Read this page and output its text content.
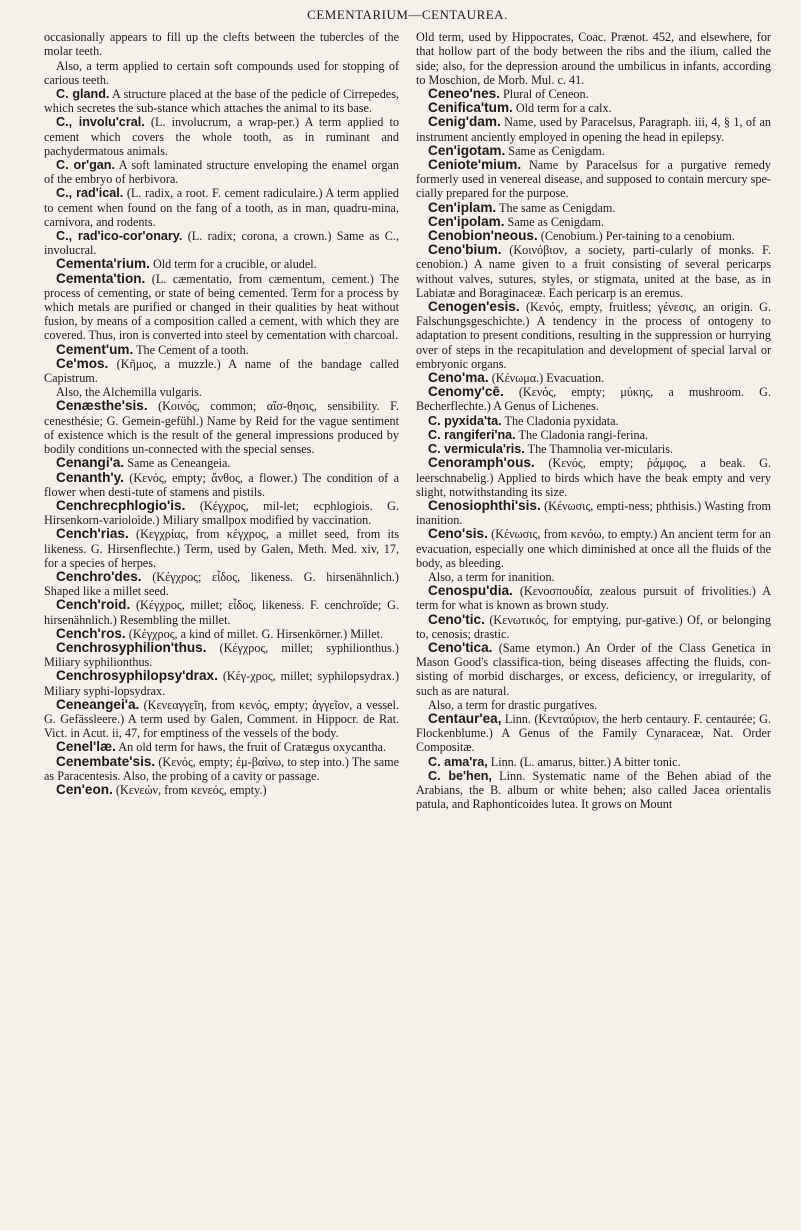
CEMENTARIUM—CENTAUREA.
occasionally appears to fill up the clefts between the tubercles of the molar teeth.
Also, a term applied to certain soft compounds used for stopping of carious teeth.
C. gland. A structure placed at the base of the pedicle of Cirrepedes, which secretes the sub-stance which attaches the animal to its base.
C., involu'cral. (L. involucrum, a wrap-per.) A term applied to cement which covers the whole tooth, as in ruminant and pachydermatous animals.
C. or'gan. A soft laminated structure enveloping the enamel organ of the embryo of herbivora.
C., rad'ical. (L. radix, a root. F. cement radiculaire.) A term applied to cement when found on the fang of a tooth, as in man, quadru-mina, carnivora, and rodents.
C., rad'ico-cor'onary. (L. radix; corona, a crown.) Same as C., involucral.
Cementa'rium. Old term for a crucible, or aludel.
Cementa'tion. (L. cæmentatio, from cæmentum, cement.) The process of cementing, or state of being cemented. Term for a process by which metals are purified or changed in their qualities by heat without fusion, by means of a composition called a cement, with which they are covered. Thus, iron is converted into steel by cementation with charcoal.
Cement'um. The Cement of a tooth.
Ce'mos. (Κῆμος, a muzzle.) A name of the bandage called Capistrum.
Also, the Alchemilla vulgaris.
Cenæsthe'sis. (Κοινός, common; αἴσ-θησις, sensibility. F. cenesthésie; G. Gemein-gefühl.) Name by Reid for the vague sentiment of existence which is the result of the general impressions produced by bodily conditions un-connected with the special senses.
Cenangi'a. Same as Ceneangeia.
Cenanth'y. (Κενός, empty; ἄνθος, a flower.) The condition of a flower when desti-tute of stamens and pistils.
Cenchrecphlogio'is. (Κέγχρος, mil-let; ecphlogiois. G. Hirsenkorn-varioloide.) Miliary smallpox modified by vaccination.
Cench'rias. (Κεγχρίας, from κέγχρος, a millet seed, from its likeness. G. Hirsenflechte.) Term, used by Galen, Meth. Med. xiv, 17, for a species of herpes.
Cenchro'des. (Κέγχρος; εἶδος, likeness. G. hirsenähnlich.) Shaped like a millet seed.
Cench'roid. (Κέγχρος, millet; εἶδος, likeness. F. cenchroïde; G. hirsenähnlich.) Resembling the millet.
Cench'ros. (Κέγχρος, a kind of millet. G. Hirsenkörner.) Millet.
Cenchrosyphilion'thus. (Κέγχρος, millet; syphilionthus.) Miliary syphilionthus.
Cenchrosyphilopsy'drax. (Κέγ-χρος, millet; syphilopsydrax.) Miliary syphi-lopsydrax.
Ceneangei'a. (Κενεαγγεῖη, from κενός, empty; ἀγγεῖον, a vessel. G. Gefässleere.) A term used by Galen, Comment. in Hippocr. de Rat. Vict. in Acut. ii, 47, for emptiness of the vessels of the body.
Cenel'læ. An old term for haws, the fruit of Cratægus oxycantha.
Cenembate'sis. (Κενός, empty; ἐμ-βαίνω, to step into.) The same as Paracentesis. Also, the probing of a cavity or passage.
Cen'eon. (Κενεών, from κενεός, empty.)
Old term, used by Hippocrates, Coac. Prænot. 452, and elsewhere, for that hollow part of the body between the ribs and the ilium, called the side; also, for the depression around the umbilicus in infants, according to Moschion, de Morb. Mul. c. 41.
Ceneo'nes. Plural of Ceneon.
Cenifica'tum. Old term for a calx.
Cenig'dam. Name, used by Paracelsus, Paragraph. iii, 4, § 1, of an instrument anciently employed in opening the head in epilepsy.
Cen'igotam. Same as Cenigdam.
Ceniote'mium. Name by Paracelsus for a purgative remedy formerly used in venereal disease, and supposed to contain mercury spe-cially prepared for the purpose.
Cen'iplam. The same as Cenigdam.
Cen'ipolam. Same as Cenigdam.
Cenobion'neous. (Cenobium.) Per-taining to a cenobium.
Ceno'bium. (Κοινόβιον, a society, parti-cularly of monks. F. cenobion.) A name given to a fruit consisting of several pericarps without valves, sutures, styles, or stigmata, united at the base, as in Labiatæ and Boraginaceæ. Each pericarp is an eremus.
Cenogen'esis. (Κενός, empty, fruitless; γένεσις, an origin. G. Falschungsgeschichte.) A tendency in the process of ontogeny to adaptation to present conditions, resulting in the suppression or hurrying over of steps in the recapitulation and development of special larval or embryonic organs.
Ceno'ma. (Κένωμα.) Evacuation.
Cenomy'cē. (Κενός, empty; μύκης, a mushroom. G. Becherflechte.) A Genus of Lichenes.
C. pyxida'ta. The Cladonia pyxidata.
C. rangiferi'na. The Cladonia rangi-ferina.
C. vermicula'ris. The Thamnolia ver-micularis.
Cenoramph'ous. (Κενός, empty; ῥάμφος, a beak. G. leerschnabelig.) Applied to birds which have the beak empty and very slight, notwithstanding its size.
Cenosiophthi'sis. (Κένωσις, empti-ness; phthisis.) Wasting from inanition.
Ceno'sis. (Κένωσις, from κενόω, to empty.) An ancient term for an evacuation, especially one which diminished at once all the fluids of the body, as bleeding.
Also, a term for inanition.
Cenospu'dia. (Κενοσπουδία, zealous pursuit of frivolities.) A term for what is known as brown study.
Ceno'tic. (Κενωτικός, for emptying, pur-gative.) Of, or belonging to, cenosis; drastic.
Ceno'tica. (Same etymon.) An Order of the Class Genetica in Mason Good's classifica-tion, being diseases affecting the fluids, con-sisting of morbid discharges, or excess, deficiency, or irregularity, of such as are natural.
Also, a term for drastic purgatives.
Centaur'ea, Linn. (Κενταύριον, the herb centaury. F. centaurée; G. Flockenblume.) A Genus of the Family Cynaraceæ, Nat. Order Compositæ.
C. ama'ra, Linn. (L. amarus, bitter.) A bitter tonic.
C. be'hen, Linn. Systematic name of the Behen abiad of the Arabians, the B. album or white behen; also called Jacea orientalis patula, and Raphonticoides lutea. It grows on Mount
